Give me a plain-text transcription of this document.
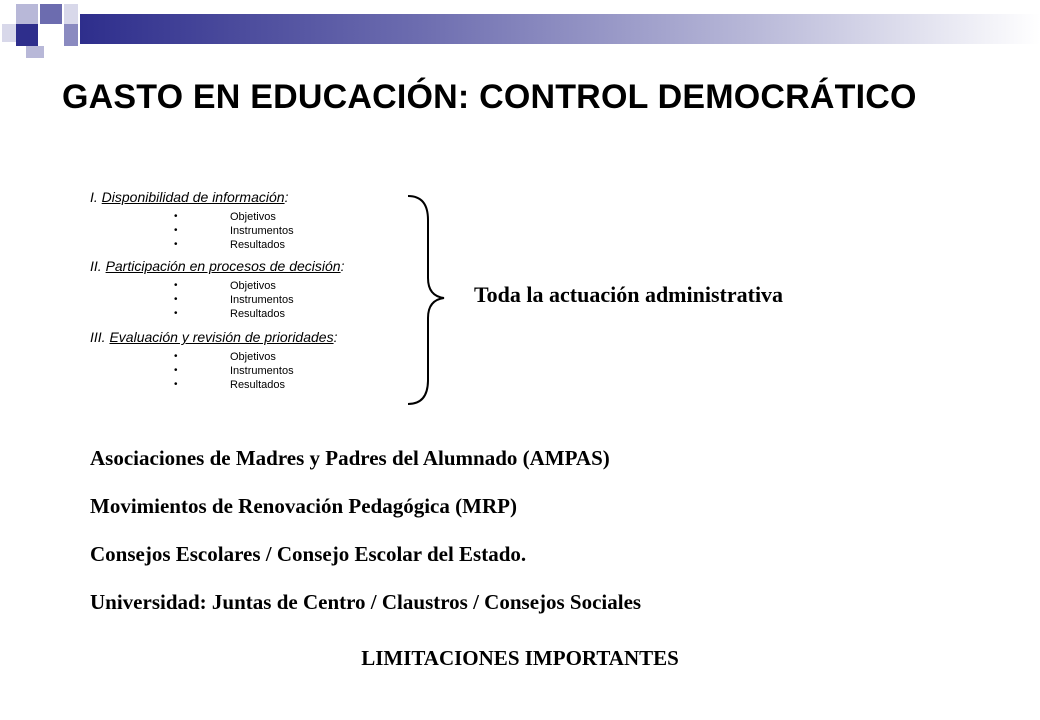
GASTO EN EDUCACIÓN: CONTROL DEMOCRÁTICO
I. Disponibilidad de información:
•	Objetivos
•	Instrumentos
•	Resultados
II. Participación en procesos de decisión:
•	Objetivos
•	Instrumentos
•	Resultados
III. Evaluación y revisión de prioridades:
•	Objetivos
•	Instrumentos
•	Resultados
Toda la actuación administrativa
Asociaciones de Madres y Padres del Alumnado (AMPAS)
Movimientos de Renovación Pedagógica (MRP)
Consejos Escolares / Consejo Escolar del Estado.
Universidad: Juntas de Centro / Claustros / Consejos Sociales
LIMITACIONES IMPORTANTES
